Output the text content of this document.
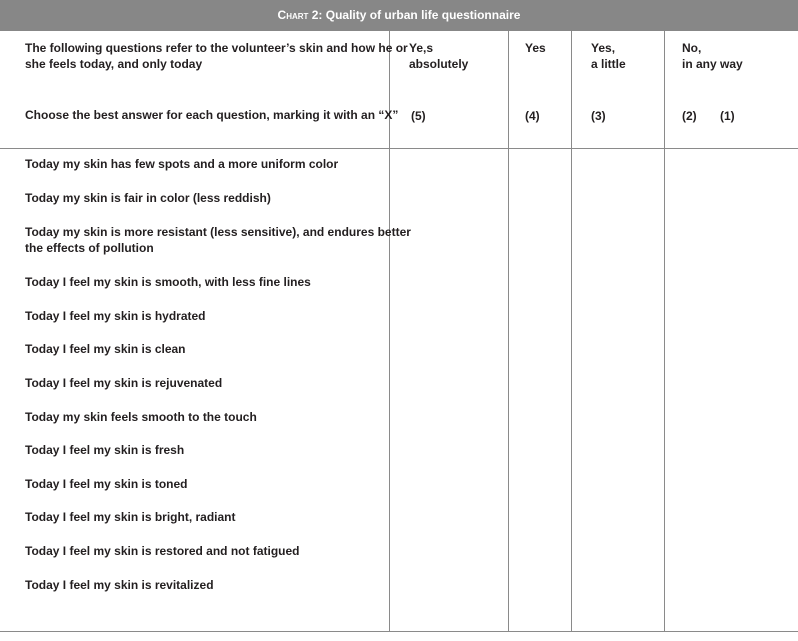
Chart 2: Quality of urban life questionnaire
The following questions refer to the volunteer’s skin and how he or
she feels today, and only today
Choose the best answer for each question, marking it with an “X”
Ye,s
absolutely
(5)
Yes
(4)
Yes,
a little
(3)
No,
in any way
(2) (1)
Today my skin has few spots and a more uniform color
Today my skin is fair in color (less reddish)
Today my skin is more resistant (less sensitive), and endures better
the effects of pollution
Today I feel my skin is smooth, with less fine lines
Today I feel my skin is hydrated
Today I feel my skin is clean
Today I feel my skin is rejuvenated
Today my skin feels smooth to the touch
Today I feel my skin is fresh
Today I feel my skin is toned
Today I feel my skin is bright, radiant
Today I feel my skin is restored and not fatigued
Today I feel my skin is revitalized
